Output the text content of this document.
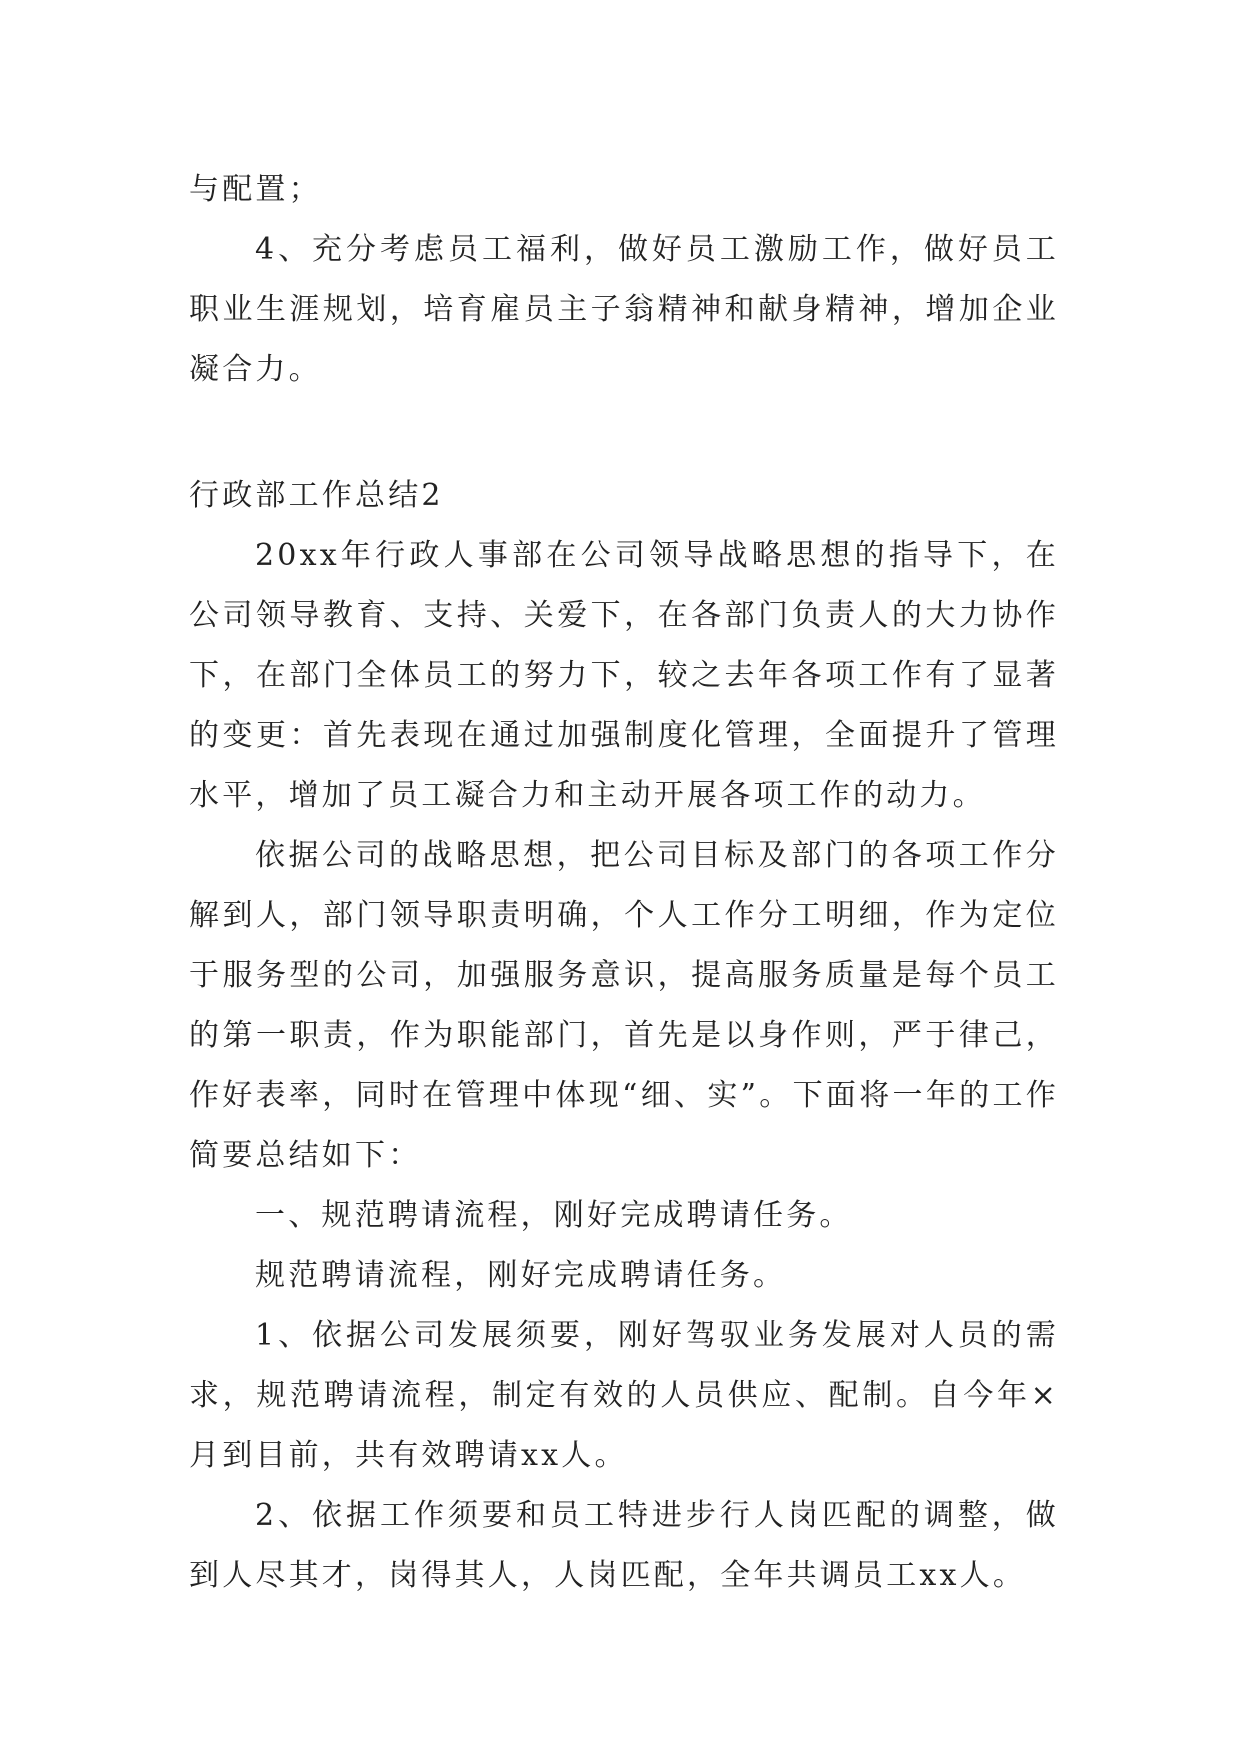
与配置；

4、充分考虑员工福利，做好员工激励工作，做好员工职业生涯规划，培育雇员主子翁精神和献身精神，增加企业凝合力。

行政部工作总结2

20xx年行政人事部在公司领导战略思想的指导下，在公司领导教育、支持、关爱下，在各部门负责人的大力协作下，在部门全体员工的努力下，较之去年各项工作有了显著的变更：首先表现在通过加强制度化管理，全面提升了管理水平，增加了员工凝合力和主动开展各项工作的动力。

依据公司的战略思想，把公司目标及部门的各项工作分解到人，部门领导职责明确，个人工作分工明细，作为定位于服务型的公司，加强服务意识，提高服务质量是每个员工的第一职责，作为职能部门，首先是以身作则，严于律己，作好表率，同时在管理中体现“细、实”。下面将一年的工作简要总结如下：

一、规范聘请流程，刚好完成聘请任务。

规范聘请流程，刚好完成聘请任务。

1、依据公司发展须要，刚好驾驭业务发展对人员的需求，规范聘请流程，制定有效的人员供应、配制。自今年×月到目前，共有效聘请xx人。

2、依据工作须要和员工特进步行人岗匹配的调整，做到人尽其才，岗得其人，人岗匹配，全年共调员工xx人。
